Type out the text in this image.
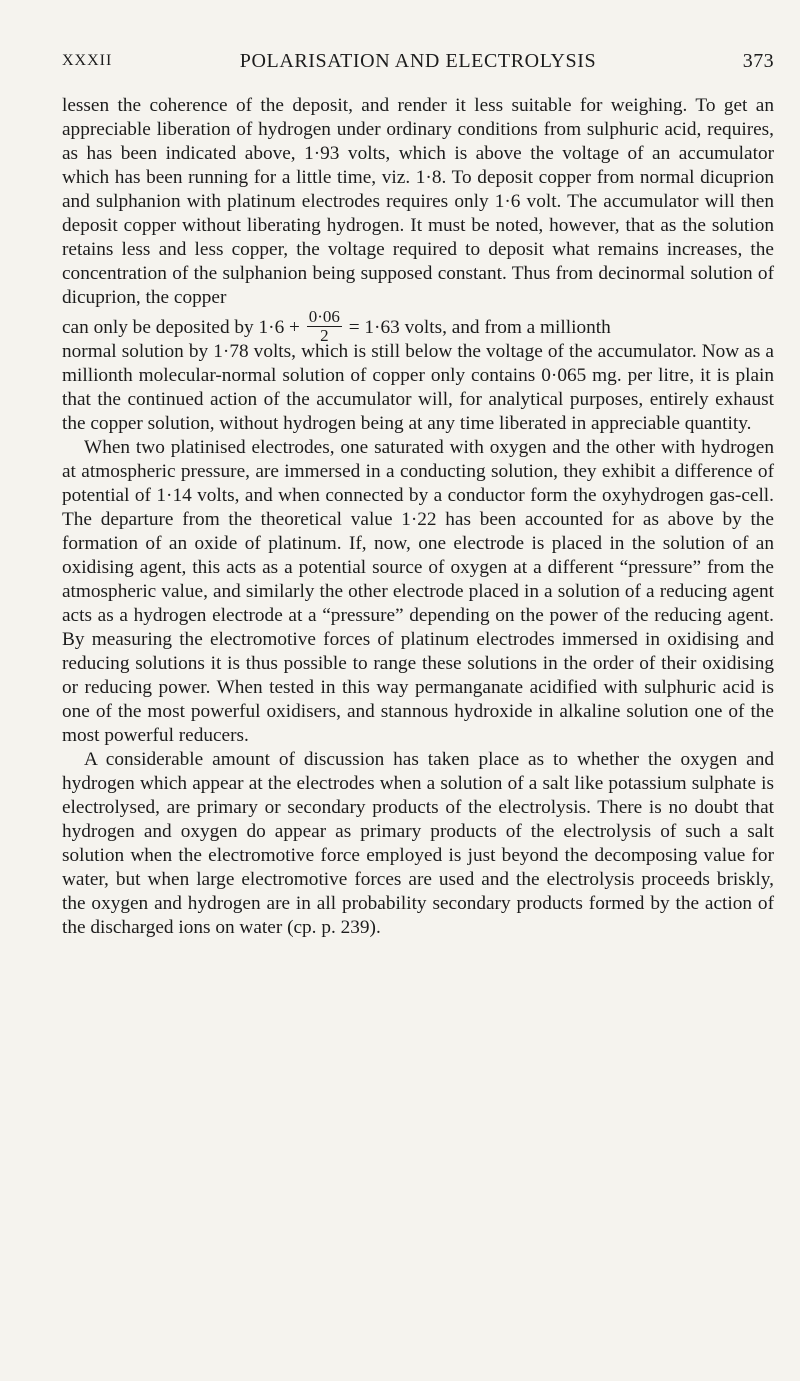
XXXII	POLARISATION AND ELECTROLYSIS	373

lessen the coherence of the deposit, and render it less suitable for weighing. To get an appreciable liberation of hydrogen under ordinary conditions from sulphuric acid, requires, as has been indicated above, 1·93 volts, which is above the voltage of an accumulator which has been running for a little time, viz. 1·8. To deposit copper from normal dicuprion and sulphanion with platinum electrodes requires only 1·6 volt. The accumulator will then deposit copper without liberating hydrogen. It must be noted, however, that as the solution retains less and less copper, the voltage required to deposit what remains increases, the concentration of the sulphanion being supposed constant. Thus from decinormal solution of dicuprion, the copper

can only be deposited by $1\cdot 6 + \frac{0\cdot 06}{2} = 1\cdot 63$ volts, and from a millionth

normal solution by 1·78 volts, which is still below the voltage of the accumulator. Now as a millionth molecular-normal solution of copper only contains 0·065 mg. per litre, it is plain that the continued action of the accumulator will, for analytical purposes, entirely exhaust the copper solution, without hydrogen being at any time liberated in appreciable quantity.

When two platinised electrodes, one saturated with oxygen and the other with hydrogen at atmospheric pressure, are immersed in a conducting solution, they exhibit a difference of potential of 1·14 volts, and when connected by a conductor form the oxyhydrogen gas-cell. The departure from the theoretical value 1·22 has been accounted for as above by the formation of an oxide of platinum. If, now, one electrode is placed in the solution of an oxidising agent, this acts as a potential source of oxygen at a different “pressure” from the atmospheric value, and similarly the other electrode placed in a solution of a reducing agent acts as a hydrogen electrode at a “pressure” depending on the power of the reducing agent. By measuring the electromotive forces of platinum electrodes immersed in oxidising and reducing solutions it is thus possible to range these solutions in the order of their oxidising or reducing power. When tested in this way permanganate acidified with sulphuric acid is one of the most powerful oxidisers, and stannous hydroxide in alkaline solution one of the most powerful reducers.

A considerable amount of discussion has taken place as to whether the oxygen and hydrogen which appear at the electrodes when a solution of a salt like potassium sulphate is electrolysed, are primary or secondary products of the electrolysis. There is no doubt that hydrogen and oxygen do appear as primary products of the electrolysis of such a salt solution when the electromotive force employed is just beyond the decomposing value for water, but when large electromotive forces are used and the electrolysis proceeds briskly, the oxygen and hydrogen are in all probability secondary products formed by the action of the discharged ions on water (cp. p. 239).
